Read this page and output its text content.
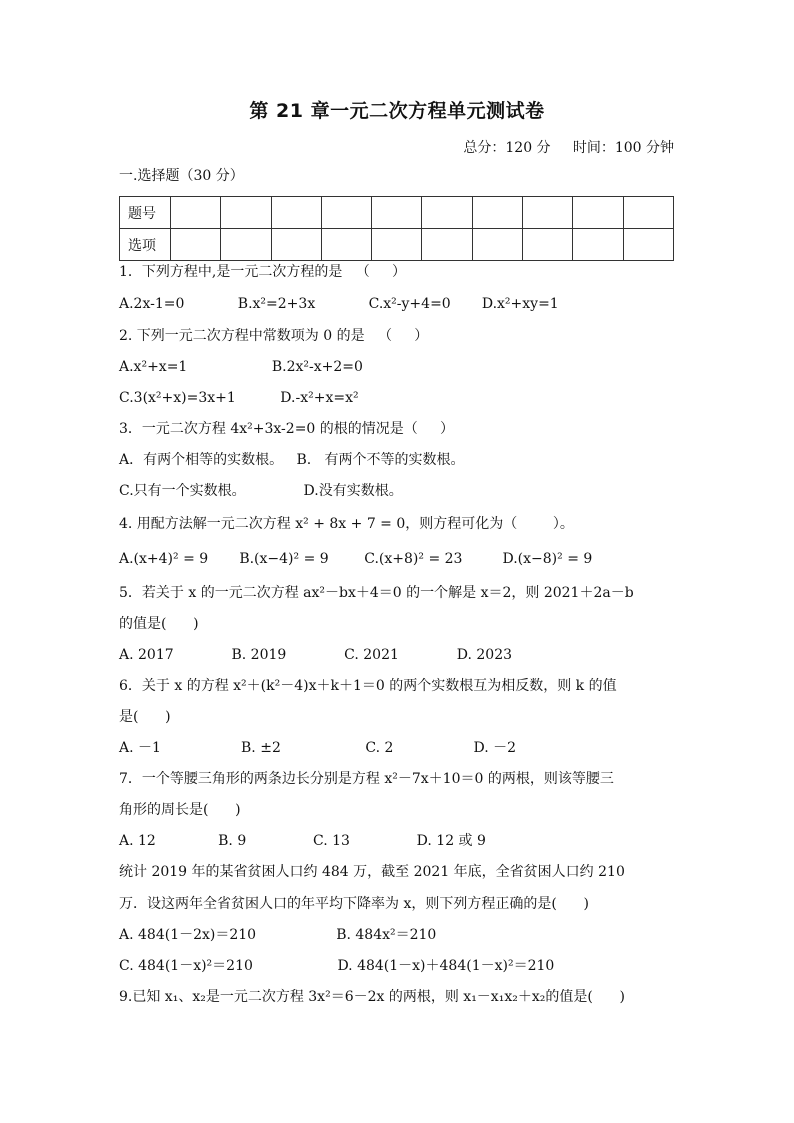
第 21 章一元二次方程单元测试卷
总分：120 分     时间：100 分钟
一.选择题（30 分）
题号										
选项										
1．下列方程中,是一元二次方程的是   （     ）
A.2x-1=0            B.x²=2+3x            C.x²-y+4=0       D.x²+xy=1
2. 下列一元二次方程中常数项为 0 的是   （     ）
A.x²+x=1                   B.2x²-x+2=0
C.3(x²+x)=3x+1          D.-x²+x=x²
3．一元二次方程 4x²+3x-2=0 的根的情况是（     ）
A．有两个相等的实数根。   B.   有两个不等的实数根。
C.只有一个实数根。             D.没有实数根。
4. 用配方法解一元二次方程 x² + 8x + 7 = 0，则方程可化为（        ）。
A.(x+4)² = 9       B.(x−4)² = 9        C.(x+8)² = 23         D.(x−8)² = 9
5．若关于 x 的一元二次方程 ax²－bx＋4＝0 的一个解是 x＝2，则 2021＋2a－b
的值是(      )
A. 2017             B. 2019             C. 2021             D. 2023
6．关于 x 的方程 x²＋(k²－4)x＋k＋1＝0 的两个实数根互为相反数，则 k 的值
是(      )
A. －1                  B. ±2                   C. 2                  D. －2
7．一个等腰三角形的两条边长分别是方程 x²－7x＋10＝0 的两根，则该等腰三
角形的周长是(      )
A. 12              B. 9               C. 13               D. 12 或 9
统计 2019 年的某省贫困人口约 484 万，截至 2021 年底，全省贫困人口约 210
万．设这两年全省贫困人口的年平均下降率为 x，则下列方程正确的是(      )
A. 484(1－2x)＝210                  B. 484x²＝210
C. 484(1－x)²＝210                   D. 484(1－x)＋484(1－x)²＝210
9.已知 x₁、x₂是一元二次方程 3x²＝6－2x 的两根，则 x₁－x₁x₂＋x₂的值是(      )
